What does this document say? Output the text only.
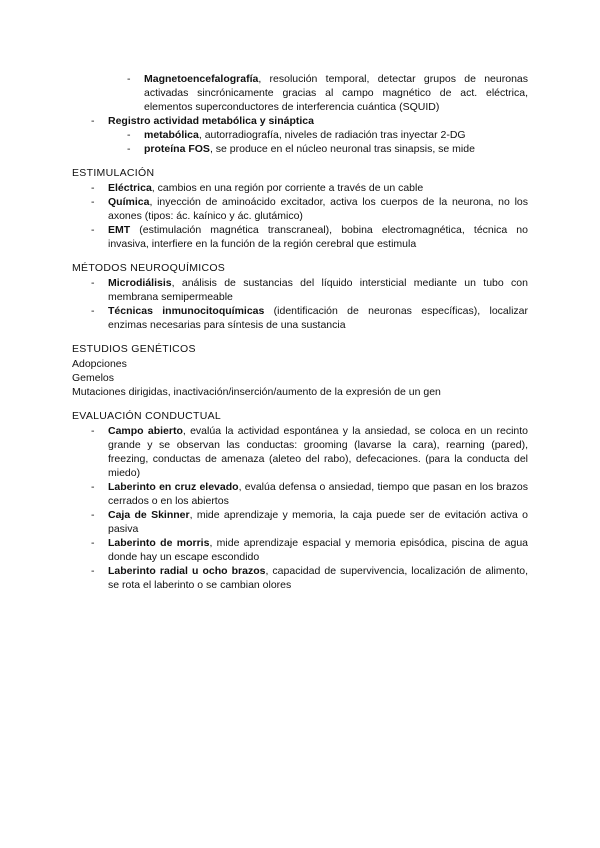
- Magnetoencefalografía, resolución temporal, detectar grupos de neuronas activadas sincrónicamente gracias al campo magnético de act. eléctrica, elementos superconductores de interferencia cuántica (SQUID)
- Registro actividad metabólica y sináptica
- metabólica, autorradiografía, niveles de radiación tras inyectar 2-DG
- proteína FOS, se produce en el núcleo neuronal tras sinapsis, se mide
ESTIMULACIÓN
- Eléctrica, cambios en una región por corriente a través de un cable
- Química, inyección de aminoácido excitador, activa los cuerpos de la neurona, no los axones (tipos: ác. kaínico y ác. glutámico)
- EMT (estimulación magnética transcraneal), bobina electromagnética, técnica no invasiva, interfiere en la función de la región cerebral que estimula
MÉTODOS NEUROQUÍMICOS
- Microdiálisis, análisis de sustancias del líquido intersticial mediante un tubo con membrana semipermeable
- Técnicas inmunocitoquímicas (identificación de neuronas específicas), localizar enzimas necesarias para síntesis de una sustancia
ESTUDIOS GENÉTICOS

Adopciones

Gemelos

Mutaciones dirigidas, inactivación/inserción/aumento de la expresión de un gen

EVALUACIÓN CONDUCTUAL
- Campo abierto, evalúa la actividad espontánea y la ansiedad, se coloca en un recinto grande y se observan las conductas: grooming (lavarse la cara), rearning (pared), freezing, conductas de amenaza (aleteo del rabo), defecaciones. (para la conducta del miedo)
- Laberinto en cruz elevado, evalúa defensa o ansiedad, tiempo que pasan en los brazos cerrados o en los abiertos
- Caja de Skinner, mide aprendizaje y memoria, la caja puede ser de evitación activa o pasiva
- Laberinto de morris, mide aprendizaje espacial y memoria episódica, piscina de agua donde hay un escape escondido
- Laberinto radial u ocho brazos, capacidad de supervivencia, localización de alimento, se rota el laberinto o se cambian olores
